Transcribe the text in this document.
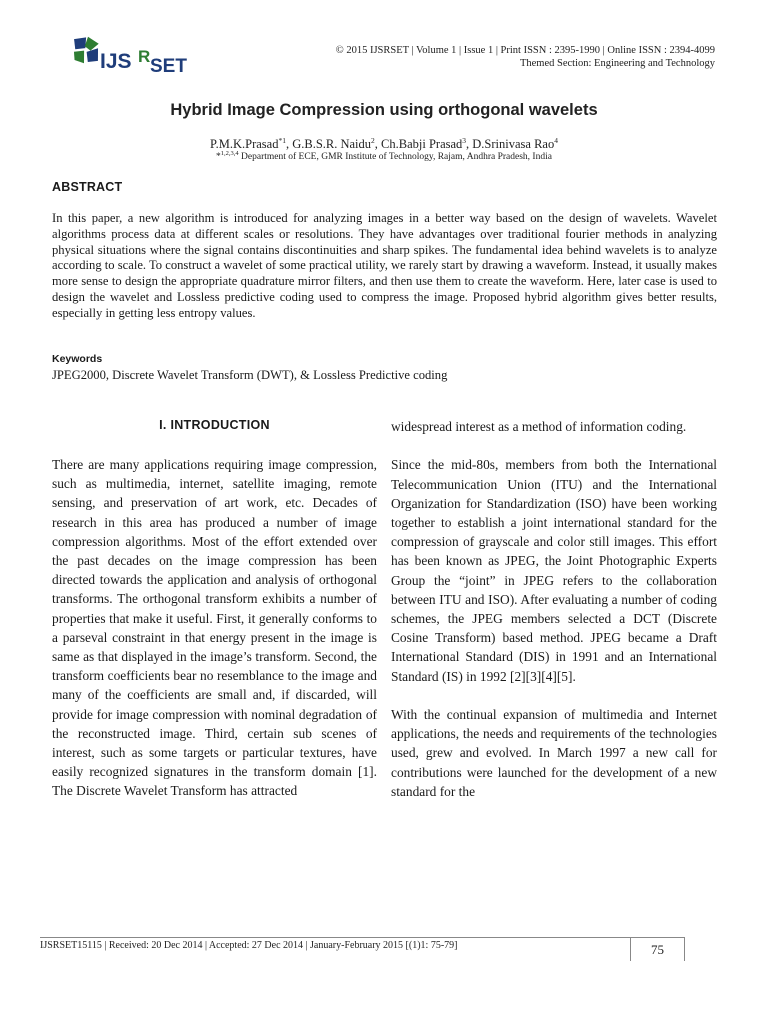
IJS R SET
© 2015 IJSRSET | Volume 1 | Issue 1 | Print ISSN : 2395-1990 | Online ISSN : 2394-4099
Themed Section: Engineering and Technology
Hybrid Image Compression using orthogonal wavelets
P.M.K.Prasad$^{*1}$, G.B.S.R. Naidu$^2$, Ch.Babji Prasad$^3$, D.Srinivasa Rao$^4$
*$^{1,2,3,4}$ Department of ECE, GMR Institute of Technology, Rajam, Andhra Pradesh, India
ABSTRACT
In this paper, a new algorithm is introduced for analyzing images in a better way based on the design of wavelets. Wavelet algorithms process data at different scales or resolutions. They have advantages over traditional fourier methods in analyzing physical situations where the signal contains discontinuities and sharp spikes. The fundamental idea behind wavelets is to analyze according to scale. To construct a wavelet of some practical utility, we rarely start by drawing a waveform. Instead, it usually makes more sense to design the appropriate quadrature mirror filters, and then use them to create the waveform. Here, later case is used to design the wavelet and Lossless predictive coding used to compress the image. Proposed hybrid algorithm gives better results, especially in getting less entropy values.
Keywords
JPEG2000, Discrete Wavelet Transform (DWT), & Lossless Predictive coding
I. INTRODUCTION

There are many applications requiring image compression, such as multimedia, internet, satellite imaging, remote sensing, and preservation of art work, etc. Decades of research in this area has produced a number of image compression algorithms. Most of the effort extended over the past decades on the image compression has been directed towards the application and analysis of orthogonal transforms. The orthogonal transform exhibits a number of properties that make it useful. First, it generally conforms to a parseval constraint in that energy present in the image is same as that displayed in the image’s transform. Second, the transform coefficients bear no resemblance to the image and many of the coefficients are small and, if discarded, will provide for image compression with nominal degradation of the reconstructed image. Third, certain sub scenes of interest, such as some targets or particular textures, have easily recognized signatures in the transform domain [1]. The Discrete Wavelet Transform has attracted

widespread interest as a method of information coding.

Since the mid-80s, members from both the International Telecommunication Union (ITU) and the International Organization for Standardization (ISO) have been working together to establish a joint international standard for the compression of grayscale and color still images. This effort has been known as JPEG, the Joint Photographic Experts Group the “joint” in JPEG refers to the collaboration between ITU and ISO). After evaluating a number of coding schemes, the JPEG members selected a DCT (Discrete Cosine Transform) based method. JPEG became a Draft International Standard (DIS) in 1991 and an International Standard (IS) in 1992 [2][3][4][5].

With the continual expansion of multimedia and Internet applications, the needs and requirements of the technologies used, grew and evolved. In March 1997 a new call for contributions were launched for the development of a new standard for the

IJSRSET15115 | Received: 20 Dec 2014 | Accepted: 27 Dec 2014 | January-February 2015 [(1)1: 75-79]	75
